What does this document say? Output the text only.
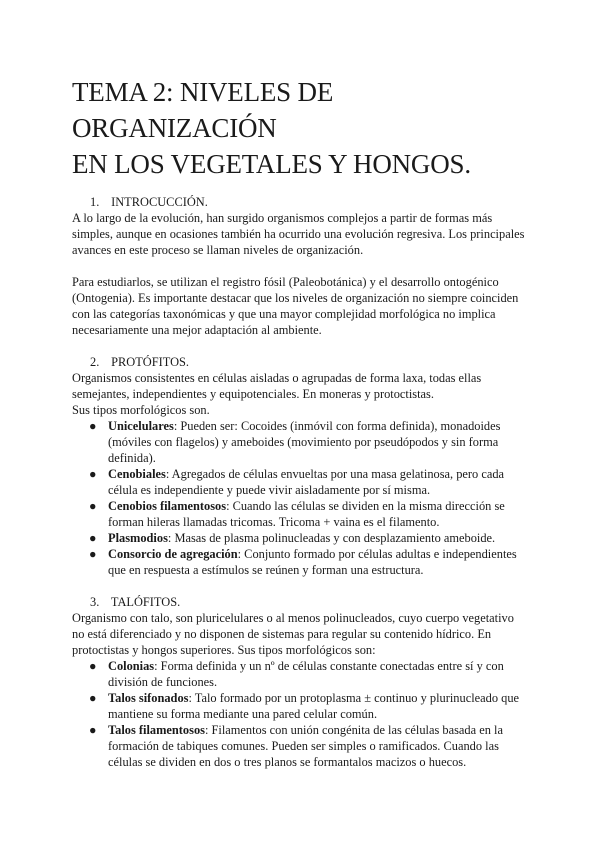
TEMA 2: NIVELES DE ORGANIZACIÓN
EN LOS VEGETALES Y HONGOS.
1. INTROCUCCIÓN.

A lo largo de la evolución, han surgido organismos complejos a partir de formas más simples, aunque en ocasiones también ha ocurrido una evolución regresiva. Los principales avances en este proceso se llaman niveles de organización.

Para estudiarlos, se utilizan el registro fósil (Paleobotánica) y el desarrollo ontogénico (Ontogenia). Es importante destacar que los niveles de organización no siempre coinciden con las categorías taxonómicas y que una mayor complejidad morfológica no implica necesariamente una mejor adaptación al ambiente.

2. PROTÓFITOS.

Organismos consistentes en células aisladas o agrupadas de forma laxa, todas ellas semejantes, independientes y equipotenciales. En moneras y protoctistas.

Sus tipos morfológicos son.

● Unicelulares: Pueden ser: Cocoides (inmóvil con forma definida), monadoides (móviles con flagelos) y ameboides (movimiento por pseudópodos y sin forma definida).
● Cenobiales: Agregados de células envueltas por una masa gelatinosa, pero cada célula es independiente y puede vivir aisladamente por sí misma.
● Cenobios filamentosos: Cuando las células se dividen en la misma dirección se forman hileras llamadas tricomas. Tricoma + vaina es el filamento.
● Plasmodios: Masas de plasma polinucleadas y con desplazamiento ameboide.
● Consorcio de agregación: Conjunto formado por células adultas e independientes que en respuesta a estímulos se reúnen y forman una estructura.
3. TALÓFITOS.

Organismo con talo, son pluricelulares o al menos polinucleados, cuyo cuerpo vegetativo no está diferenciado y no disponen de sistemas para regular su contenido hídrico. En protoctistas y hongos superiores. Sus tipos morfológicos son:

● Colonias: Forma definida y un nº de células constante conectadas entre sí y con división de funciones.
● Talos sifonados: Talo formado por un protoplasma ± continuo y plurinucleado que mantiene su forma mediante una pared celular común.
● Talos filamentosos: Filamentos con unión congénita de las células basada en la formación de tabiques comunes. Pueden ser simples o ramificados. Cuando las células se dividen en dos o tres planos se formantalos macizos o huecos.
